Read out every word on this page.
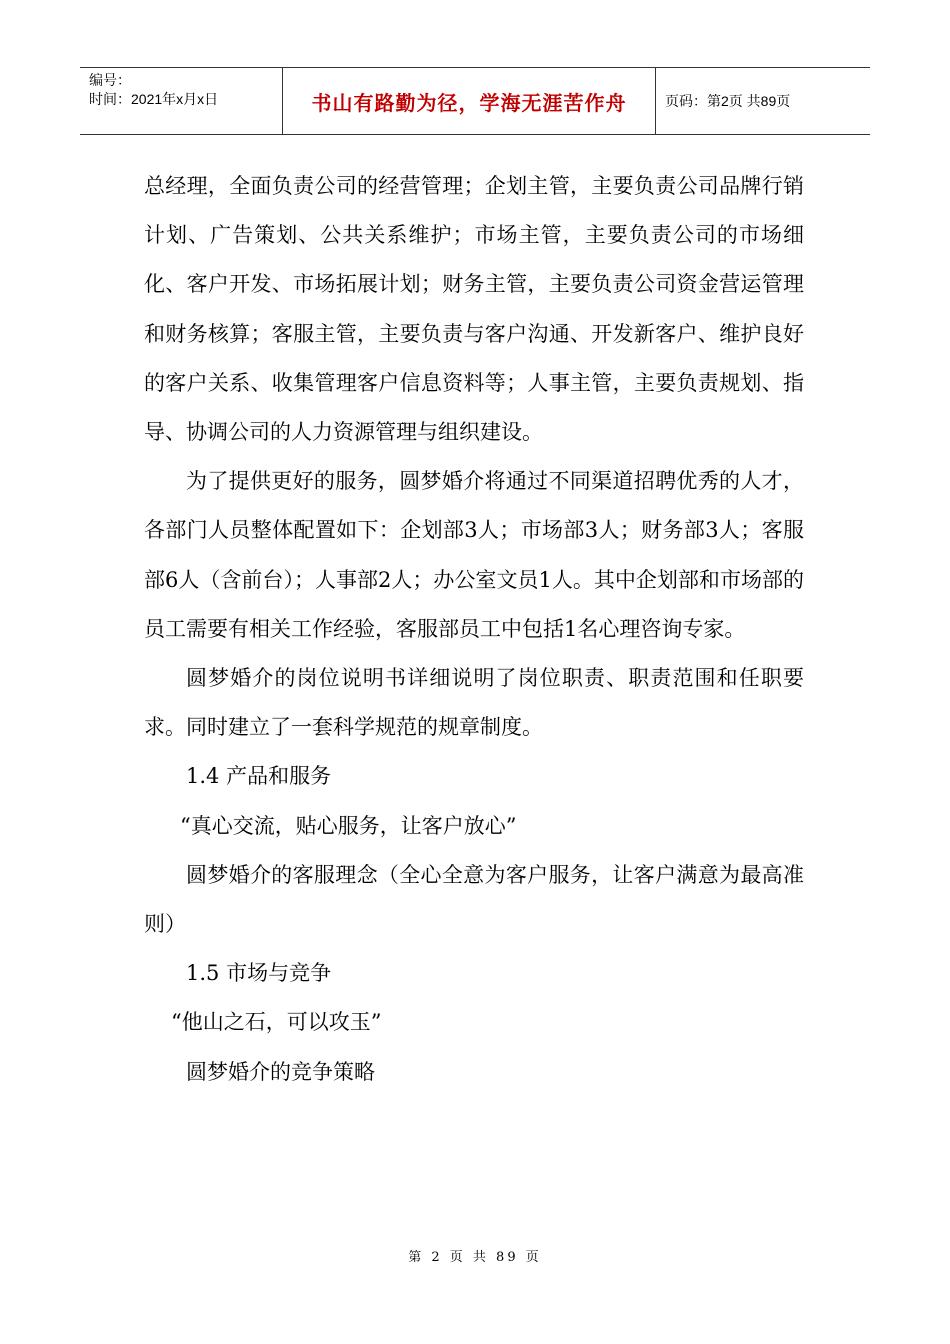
编号：
时间：2021年x月x日	书山有路勤为径，学海无涯苦作舟	页码：第2页 共89页

总经理，全面负责公司的经营管理；企划主管，主要负责公司品牌行销计划、广告策划、公共关系维护；市场主管，主要负责公司的市场细化、客户开发、市场拓展计划；财务主管，主要负责公司资金营运管理和财务核算；客服主管，主要负责与客户沟通、开发新客户、维护良好的客户关系、收集管理客户信息资料等；人事主管，主要负责规划、指导、协调公司的人力资源管理与组织建设。

为了提供更好的服务，圆梦婚介将通过不同渠道招聘优秀的人才，各部门人员整体配置如下：企划部3人；市场部3人；财务部3人；客服部6人（含前台）；人事部2人；办公室文员1人。其中企划部和市场部的员工需要有相关工作经验，客服部员工中包括1名心理咨询专家。

圆梦婚介的岗位说明书详细说明了岗位职责、职责范围和任职要求。同时建立了一套科学规范的规章制度。

1.4 产品和服务

“真心交流，贴心服务，让客户放心”

圆梦婚介的客服理念（全心全意为客户服务，让客户满意为最高准则）

1.5 市场与竞争

“他山之石，可以攻玉”

圆梦婚介的竞争策略

第 2 页 共 89 页
